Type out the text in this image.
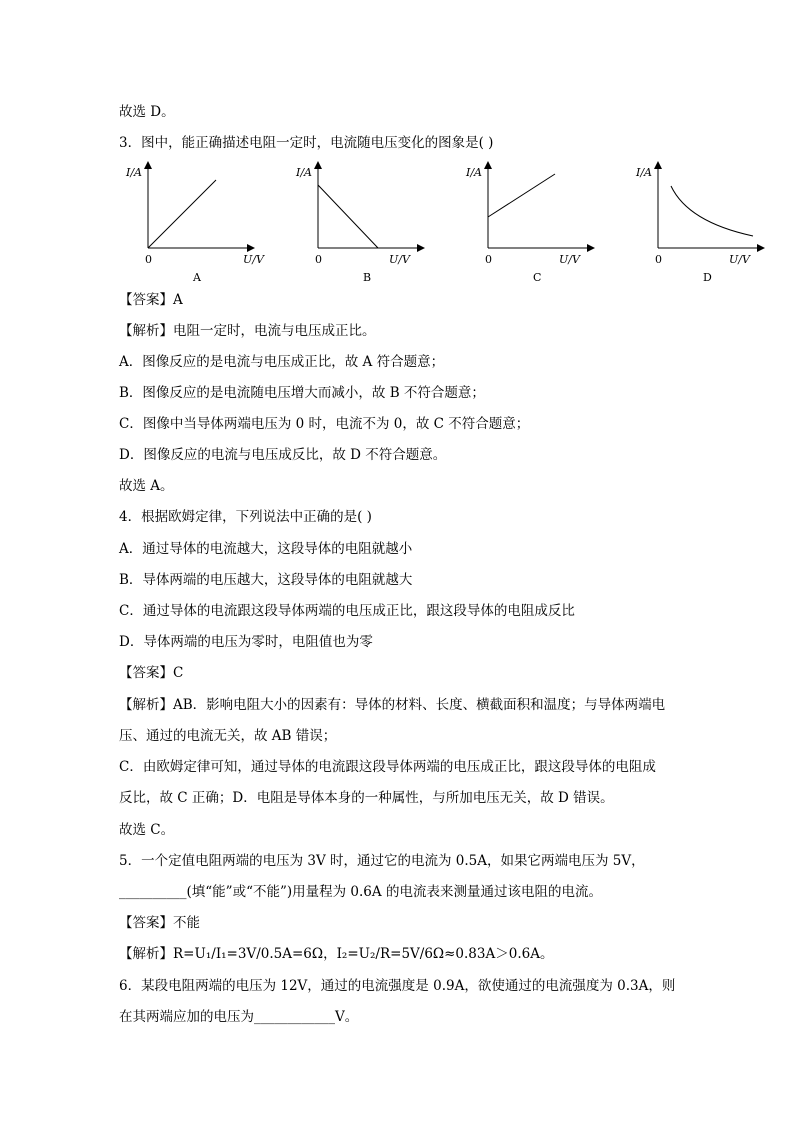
故选 D。
3．图中，能正确描述电阻一定时，电流随电压变化的图象是( )
I/A
U/V
0
A
I/A
U/V
0
B
I/A
U/V
0
C
I/A
U/V
0
D
【答案】A
【解析】电阻一定时，电流与电压成正比。
A．图像反应的是电流与电压成正比，故 A 符合题意；
B．图像反应的是电流随电压增大而减小，故 B 不符合题意；
C．图像中当导体两端电压为 0 时，电流不为 0，故 C 不符合题意；
D．图像反应的电流与电压成反比，故 D 不符合题意。
故选 A。
4．根据欧姆定律，下列说法中正确的是( )
A．通过导体的电流越大，这段导体的电阻就越小
B．导体两端的电压越大，这段导体的电阻就越大
C．通过导体的电流跟这段导体两端的电压成正比，跟这段导体的电阻成反比
D．导体两端的电压为零时，电阻值也为零
【答案】C
【解析】AB．影响电阻大小的因素有：导体的材料、长度、横截面积和温度；与导体两端电
压、通过的电流无关，故 AB 错误；
C．由欧姆定律可知，通过导体的电流跟这段导体两端的电压成正比，跟这段导体的电阻成
反比，故 C 正确；D．电阻是导体本身的一种属性，与所加电压无关，故 D 错误。
故选 C。
5．一个定值电阻两端的电压为 3V 时，通过它的电流为 0.5A，如果它两端电压为 5V，
__________(填“能”或“不能”)用量程为 0.6A 的电流表来测量通过该电阻的电流。
【答案】不能
【解析】R=U₁/I₁=3V/0.5A=6Ω，I₂=U₂/R=5V/6Ω≈0.83A＞0.6A。
6．某段电阻两端的电压为 12V，通过的电流强度是 0.9A，欲使通过的电流强度为 0.3A，则
在其两端应加的电压为____________V。
